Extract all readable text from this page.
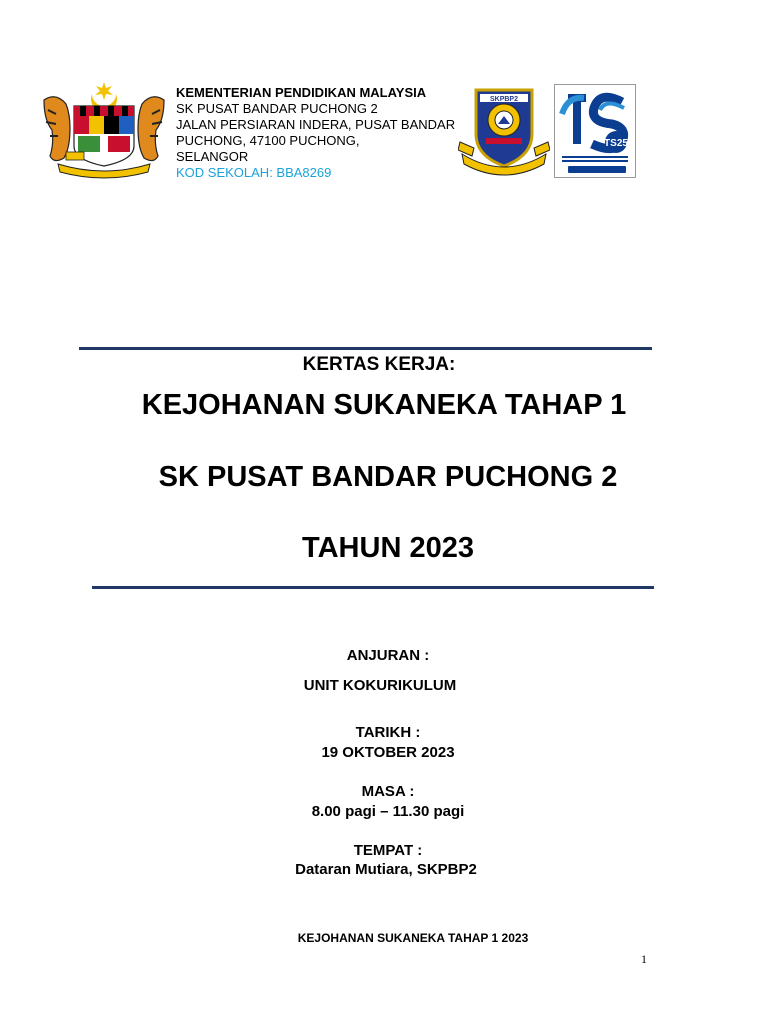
KEMENTERIAN PENDIDIKAN MALAYSIA
SK PUSAT BANDAR PUCHONG 2
JALAN PERSIARAN INDERA, PUSAT BANDAR
PUCHONG, 47100 PUCHONG,
SELANGOR
KOD SEKOLAH: BBA8269
SKPBP2
TS25
KERTAS KERJA:
KEJOHANAN SUKANEKA TAHAP 1
SK PUSAT BANDAR PUCHONG 2
TAHUN 2023
ANJURAN :
UNIT KOKURIKULUM
TARIKH :
19 OKTOBER 2023
MASA :
8.00 pagi – 11.30 pagi
TEMPAT :
Dataran Mutiara, SKPBP2
KEJOHANAN SUKANEKA TAHAP 1 2023
1
